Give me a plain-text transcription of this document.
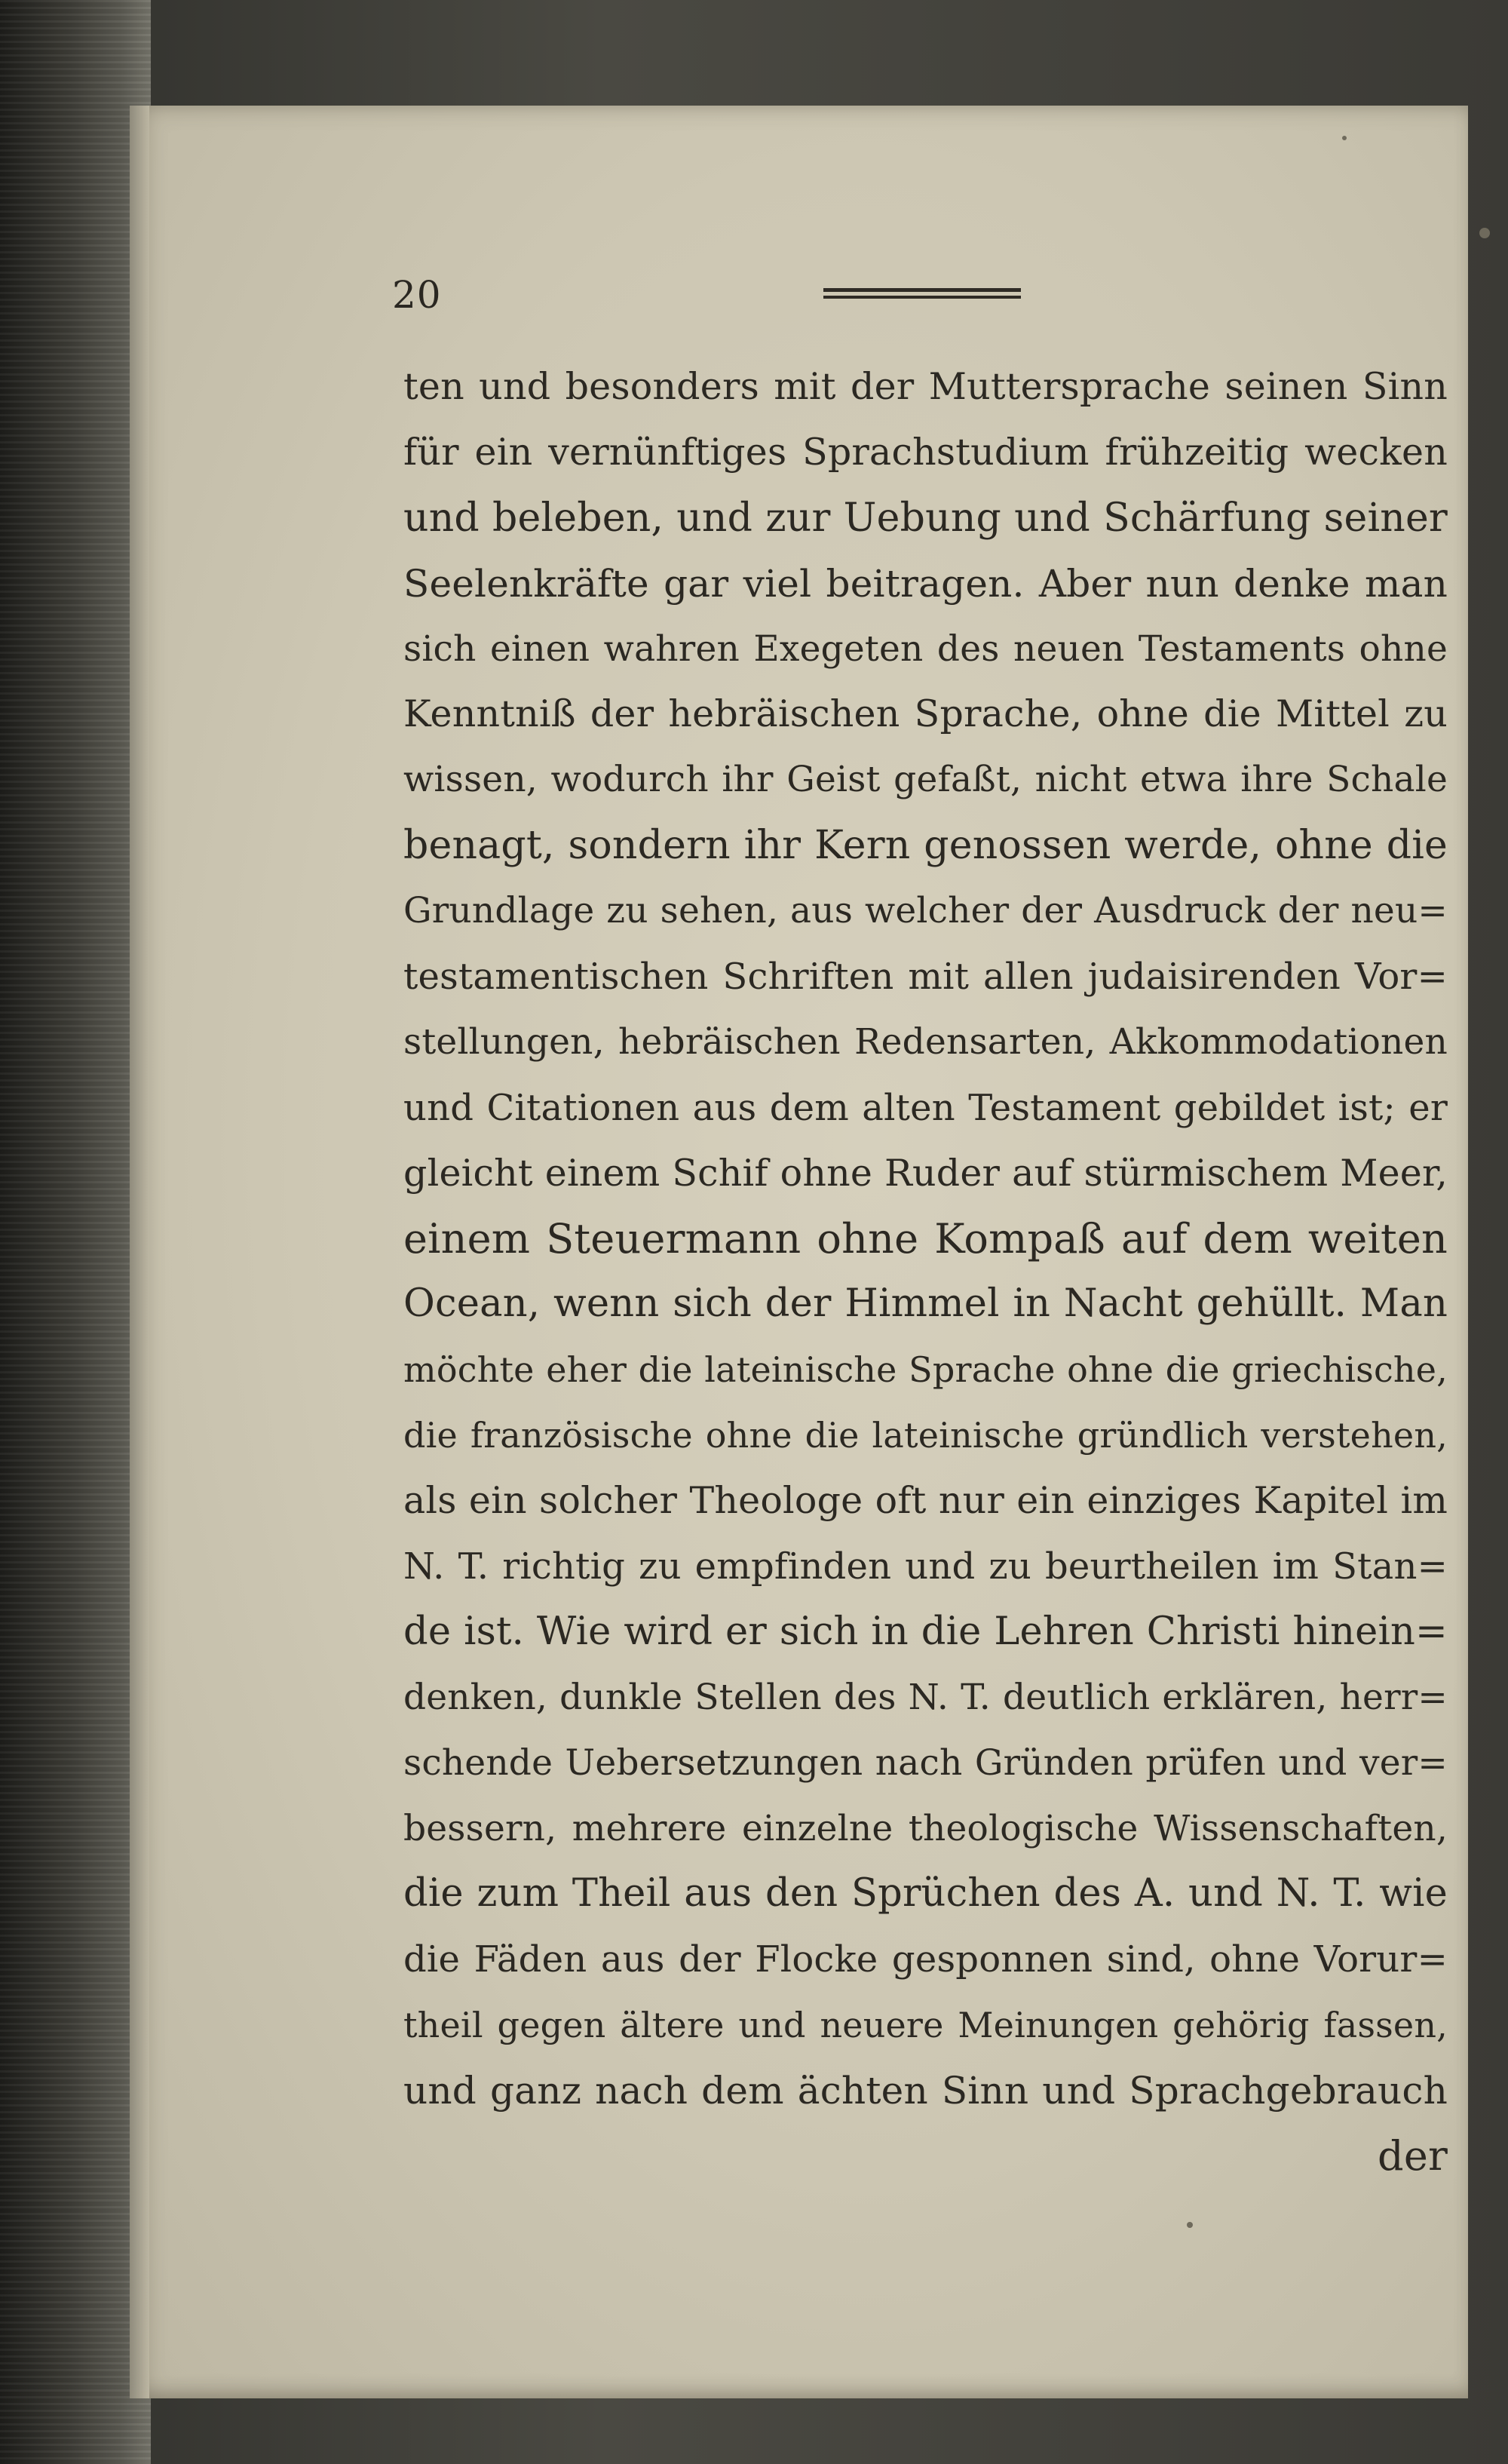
20
ten und besonders mit der Muttersprache seinen Sinn
für ein vernünftiges Sprachstudium frühzeitig wecken
und beleben, und zur Uebung und Schärfung seiner
Seelenkräfte gar viel beitragen. Aber nun denke man
sich einen wahren Exegeten des neuen Testaments ohne
Kenntniß der hebräischen Sprache, ohne die Mittel zu
wissen, wodurch ihr Geist gefaßt, nicht etwa ihre Schale
benagt, sondern ihr Kern genossen werde, ohne die
Grundlage zu sehen, aus welcher der Ausdruck der neu=
testamentischen Schriften mit allen judaisirenden Vor=
stellungen, hebräischen Redensarten, Akkommodationen
und Citationen aus dem alten Testament gebildet ist; er
gleicht einem Schif ohne Ruder auf stürmischem Meer,
einem Steuermann ohne Kompaß auf dem weiten
Ocean, wenn sich der Himmel in Nacht gehüllt. Man
möchte eher die lateinische Sprache ohne die griechische,
die französische ohne die lateinische gründlich verstehen,
als ein solcher Theologe oft nur ein einziges Kapitel im
N. T. richtig zu empfinden und zu beurtheilen im Stan=
de ist. Wie wird er sich in die Lehren Christi hinein=
denken, dunkle Stellen des N. T. deutlich erklären, herr=
schende Uebersetzungen nach Gründen prüfen und ver=
bessern, mehrere einzelne theologische Wissenschaften,
die zum Theil aus den Sprüchen des A. und N. T. wie
die Fäden aus der Flocke gesponnen sind, ohne Vorur=
theil gegen ältere und neuere Meinungen gehörig fassen,
und ganz nach dem ächten Sinn und Sprachgebrauch
der
